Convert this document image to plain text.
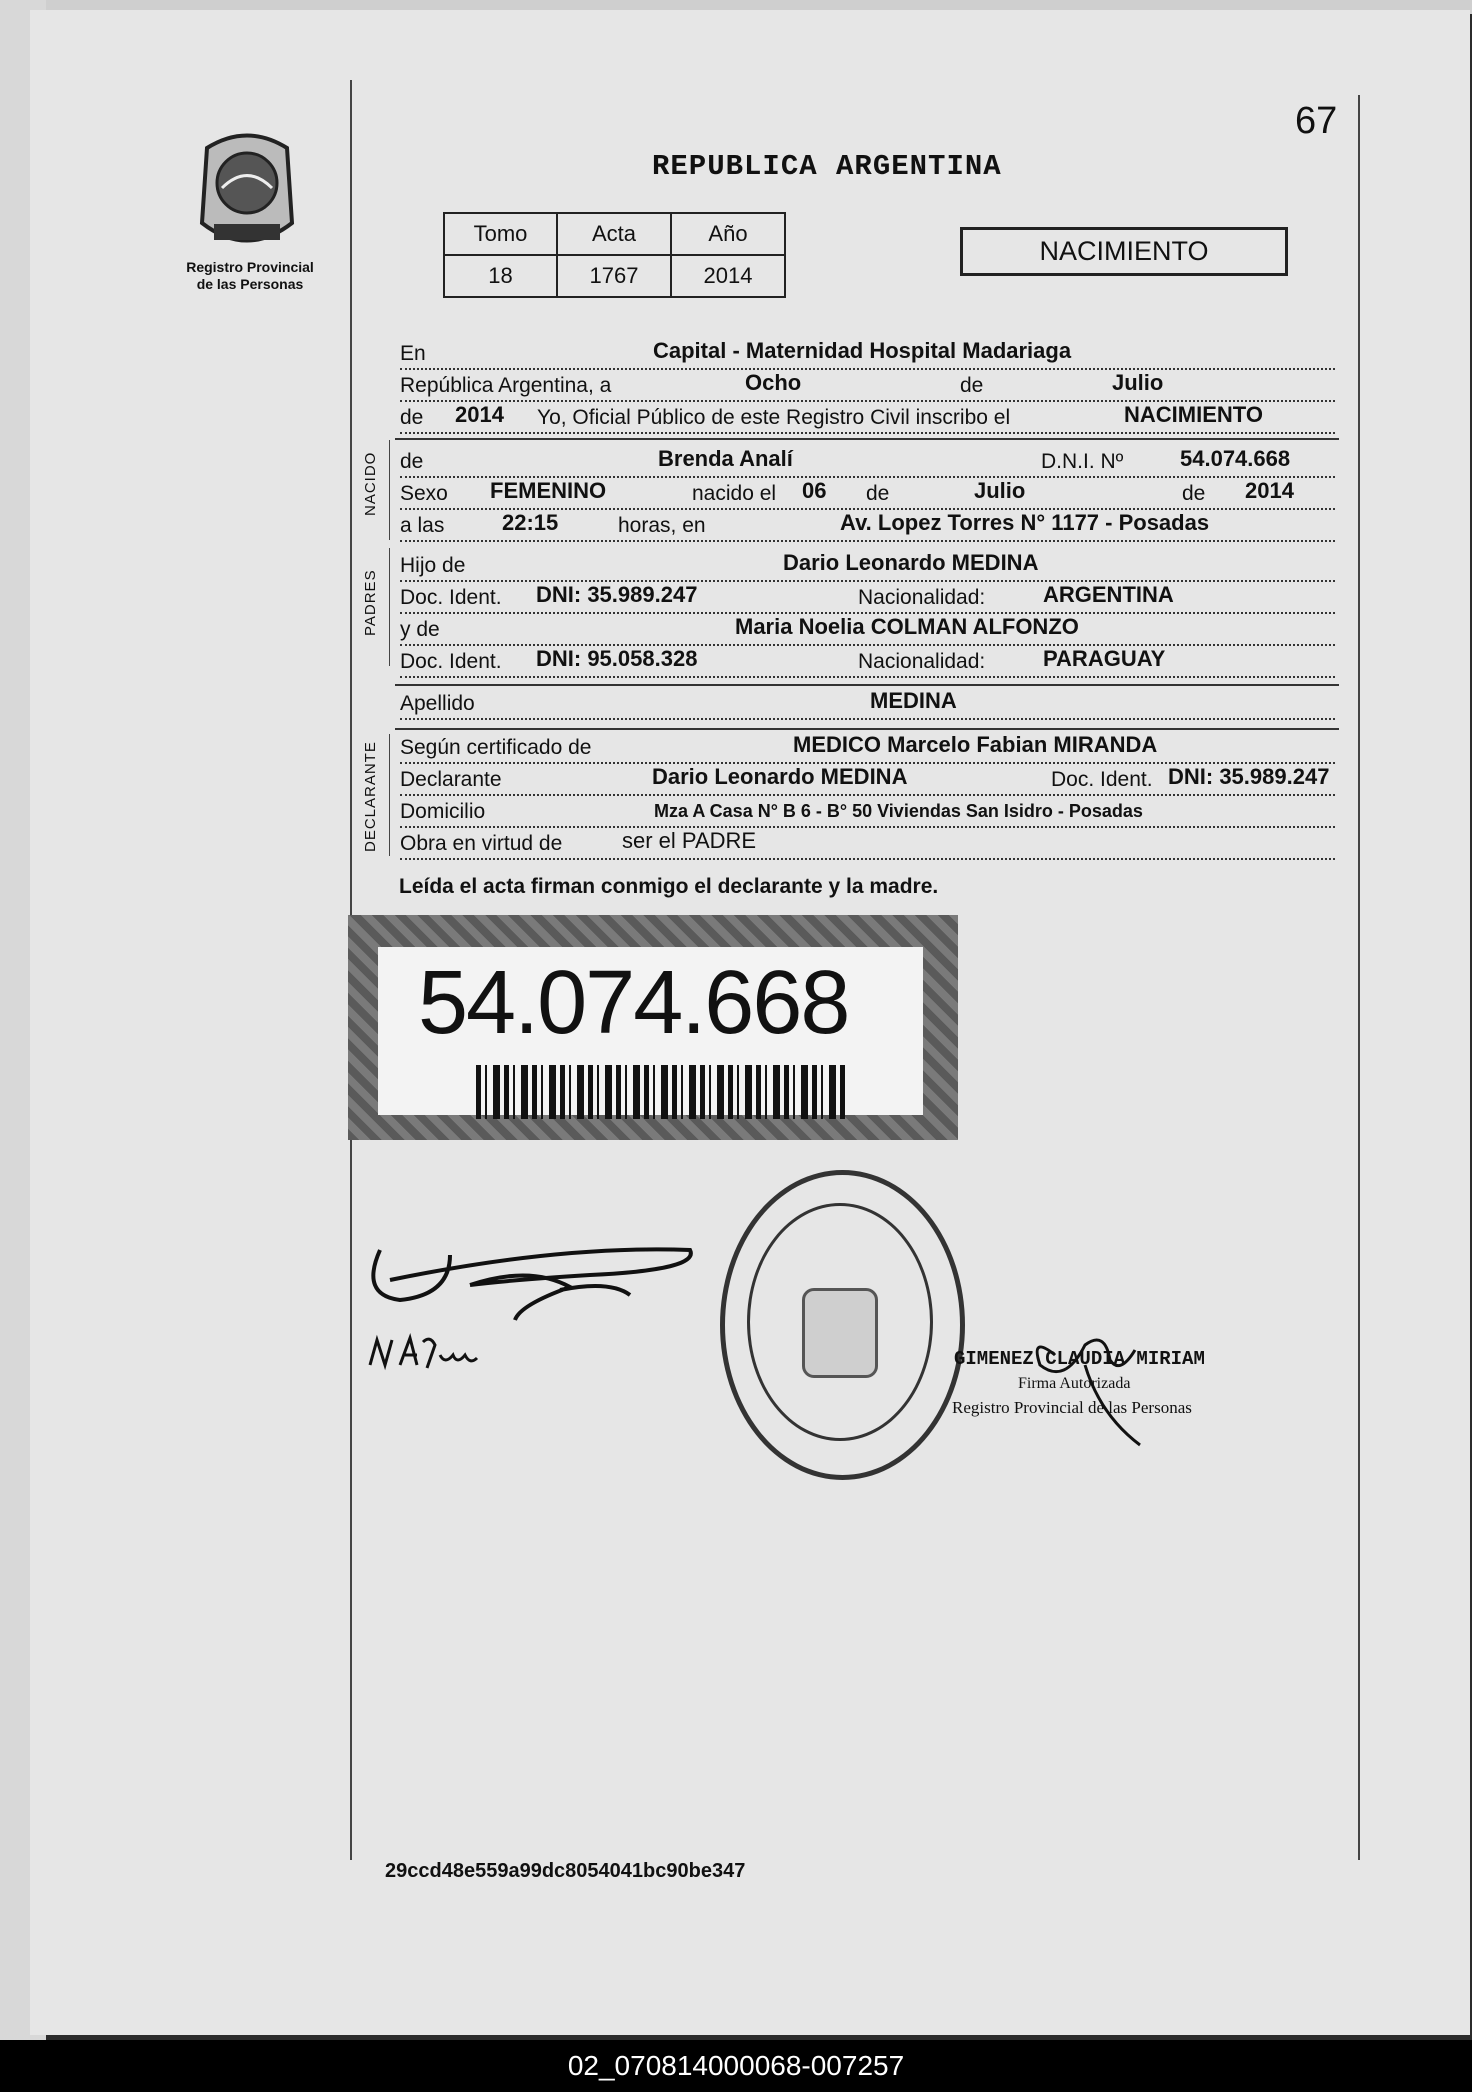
Registro Provincial
de las Personas
67
REPUBLICA ARGENTINA
Tomo	Acta	Año
18	1767	2014
NACIMIENTO
En	Capital - Maternidad Hospital Madariaga
República Argentina, a	Ocho	de	Julio
de 2014 Yo, Oficial Público de este Registro Civil inscribo el	NACIMIENTO
NACIDO de	Brenda Analí	D.N.I. Nº	54.074.668
Sexo FEMENINO	nacido el 06 de	Julio	de 2014
a las	22:15	horas, en	Av. Lopez Torres N° 1177 - Posadas
PADRES
Hijo de	Dario Leonardo MEDINA
Doc. Ident. DNI: 35.989.247	Nacionalidad:	ARGENTINA
y de	Maria Noelia COLMAN ALFONZO
Doc. Ident. DNI: 95.058.328	Nacionalidad:	PARAGUAY
Apellido	MEDINA
DECLARANTE Según certificado de	MEDICO Marcelo Fabian MIRANDA
Declarante	Dario Leonardo MEDINA	Doc. Ident. DNI: 35.989.247
Domicilio	Mza A Casa N° B 6 - B° 50 Viviendas San Isidro - Posadas
Obra en virtud de	ser el PADRE
Leída el acta firman conmigo el declarante y la madre.
54.074.668
GIMENEZ CLAUDIA MIRIAM
Firma Autorizada
Registro Provincial de las Personas
29ccd48e559a99dc8054041bc90be347
02_070814000068-007257
